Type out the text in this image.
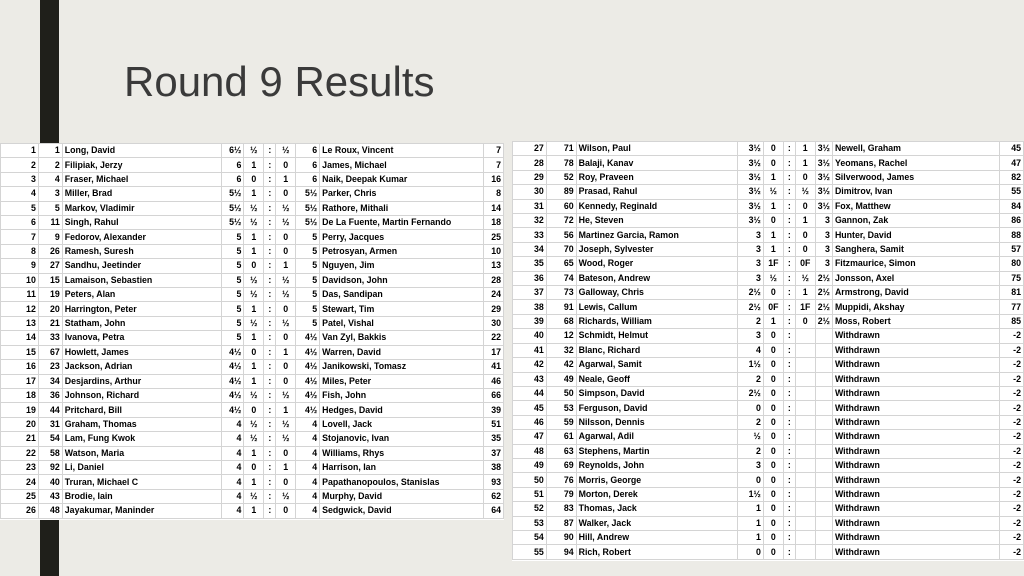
Round 9 Results
1	1	Long, David	6½	½	:	½	6	Le Roux, Vincent	7
2	2	Filipiak, Jerzy	6	1	:	0	6	James, Michael	7
3	4	Fraser, Michael	6	0	:	1	6	Naik, Deepak Kumar	16
4	3	Miller, Brad	5½	1	:	0	5½	Parker, Chris	8
5	5	Markov, Vladimir	5½	½	:	½	5½	Rathore, Mithali	14
6	11	Singh, Rahul	5½	½	:	½	5½	De La Fuente, Martin Fernando	18
7	9	Fedorov, Alexander	5	1	:	0	5	Perry, Jacques	25
8	26	Ramesh, Suresh	5	1	:	0	5	Petrosyan, Armen	10
9	27	Sandhu, Jeetinder	5	0	:	1	5	Nguyen, Jim	13
10	15	Lamaison, Sebastien	5	½	:	½	5	Davidson, John	28
11	19	Peters, Alan	5	½	:	½	5	Das, Sandipan	24
12	20	Harrington, Peter	5	1	:	0	5	Stewart, Tim	29
13	21	Statham, John	5	½	:	½	5	Patel, Vishal	30
14	33	Ivanova, Petra	5	1	:	0	4½	Van Zyl, Bakkis	22
15	67	Howlett, James	4½	0	:	1	4½	Warren, David	17
16	23	Jackson, Adrian	4½	1	:	0	4½	Janikowski, Tomasz	41
17	34	Desjardins, Arthur	4½	1	:	0	4½	Miles, Peter	46
18	36	Johnson, Richard	4½	½	:	½	4½	Fish, John	66
19	44	Pritchard, Bill	4½	0	:	1	4½	Hedges, David	39
20	31	Graham, Thomas	4	½	:	½	4	Lovell, Jack	51
21	54	Lam, Fung Kwok	4	½	:	½	4	Stojanovic, Ivan	35
22	58	Watson, Maria	4	1	:	0	4	Williams, Rhys	37
23	92	Li, Daniel	4	0	:	1	4	Harrison, Ian	38
24	40	Truran, Michael C	4	1	:	0	4	Papathanopoulos, Stanislas	93
25	43	Brodie, Iain	4	½	:	½	4	Murphy, David	62
26	48	Jayakumar, Maninder	4	1	:	0	4	Sedgwick, David	64
27	71	Wilson, Paul	3½	0	:	1	3½	Newell, Graham	45
28	78	Balaji, Kanav	3½	0	:	1	3½	Yeomans, Rachel	47
29	52	Roy, Praveen	3½	1	:	0	3½	Silverwood, James	82
30	89	Prasad, Rahul	3½	½	:	½	3½	Dimitrov, Ivan	55
31	60	Kennedy, Reginald	3½	1	:	0	3½	Fox, Matthew	84
32	72	He, Steven	3½	0	:	1	3	Gannon, Zak	86
33	56	Martinez Garcia, Ramon	3	1	:	0	3	Hunter, David	88
34	70	Joseph, Sylvester	3	1	:	0	3	Sanghera, Samit	57
35	65	Wood, Roger	3	1F	:	0F	3	Fitzmaurice, Simon	80
36	74	Bateson, Andrew	3	½	:	½	2½	Jonsson, Axel	75
37	73	Galloway, Chris	2½	0	:	1	2½	Armstrong, David	81
38	91	Lewis, Callum	2½	0F	:	1F	2½	Muppidi, Akshay	77
39	68	Richards, William	2	1	:	0	2½	Moss, Robert	85
40	12	Schmidt, Helmut	3	0	:			Withdrawn	-2
41	32	Blanc, Richard	4	0	:			Withdrawn	-2
42	42	Agarwal, Samit	1½	0	:			Withdrawn	-2
43	49	Neale, Geoff	2	0	:			Withdrawn	-2
44	50	Simpson, David	2½	0	:			Withdrawn	-2
45	53	Ferguson, David	0	0	:			Withdrawn	-2
46	59	Nilsson, Dennis	2	0	:			Withdrawn	-2
47	61	Agarwal, Adil	½	0	:			Withdrawn	-2
48	63	Stephens, Martin	2	0	:			Withdrawn	-2
49	69	Reynolds, John	3	0	:			Withdrawn	-2
50	76	Morris, George	0	0	:			Withdrawn	-2
51	79	Morton, Derek	1½	0	:			Withdrawn	-2
52	83	Thomas, Jack	1	0	:			Withdrawn	-2
53	87	Walker, Jack	1	0	:			Withdrawn	-2
54	90	Hill, Andrew	1	0	:			Withdrawn	-2
55	94	Rich, Robert	0	0	:			Withdrawn	-2
